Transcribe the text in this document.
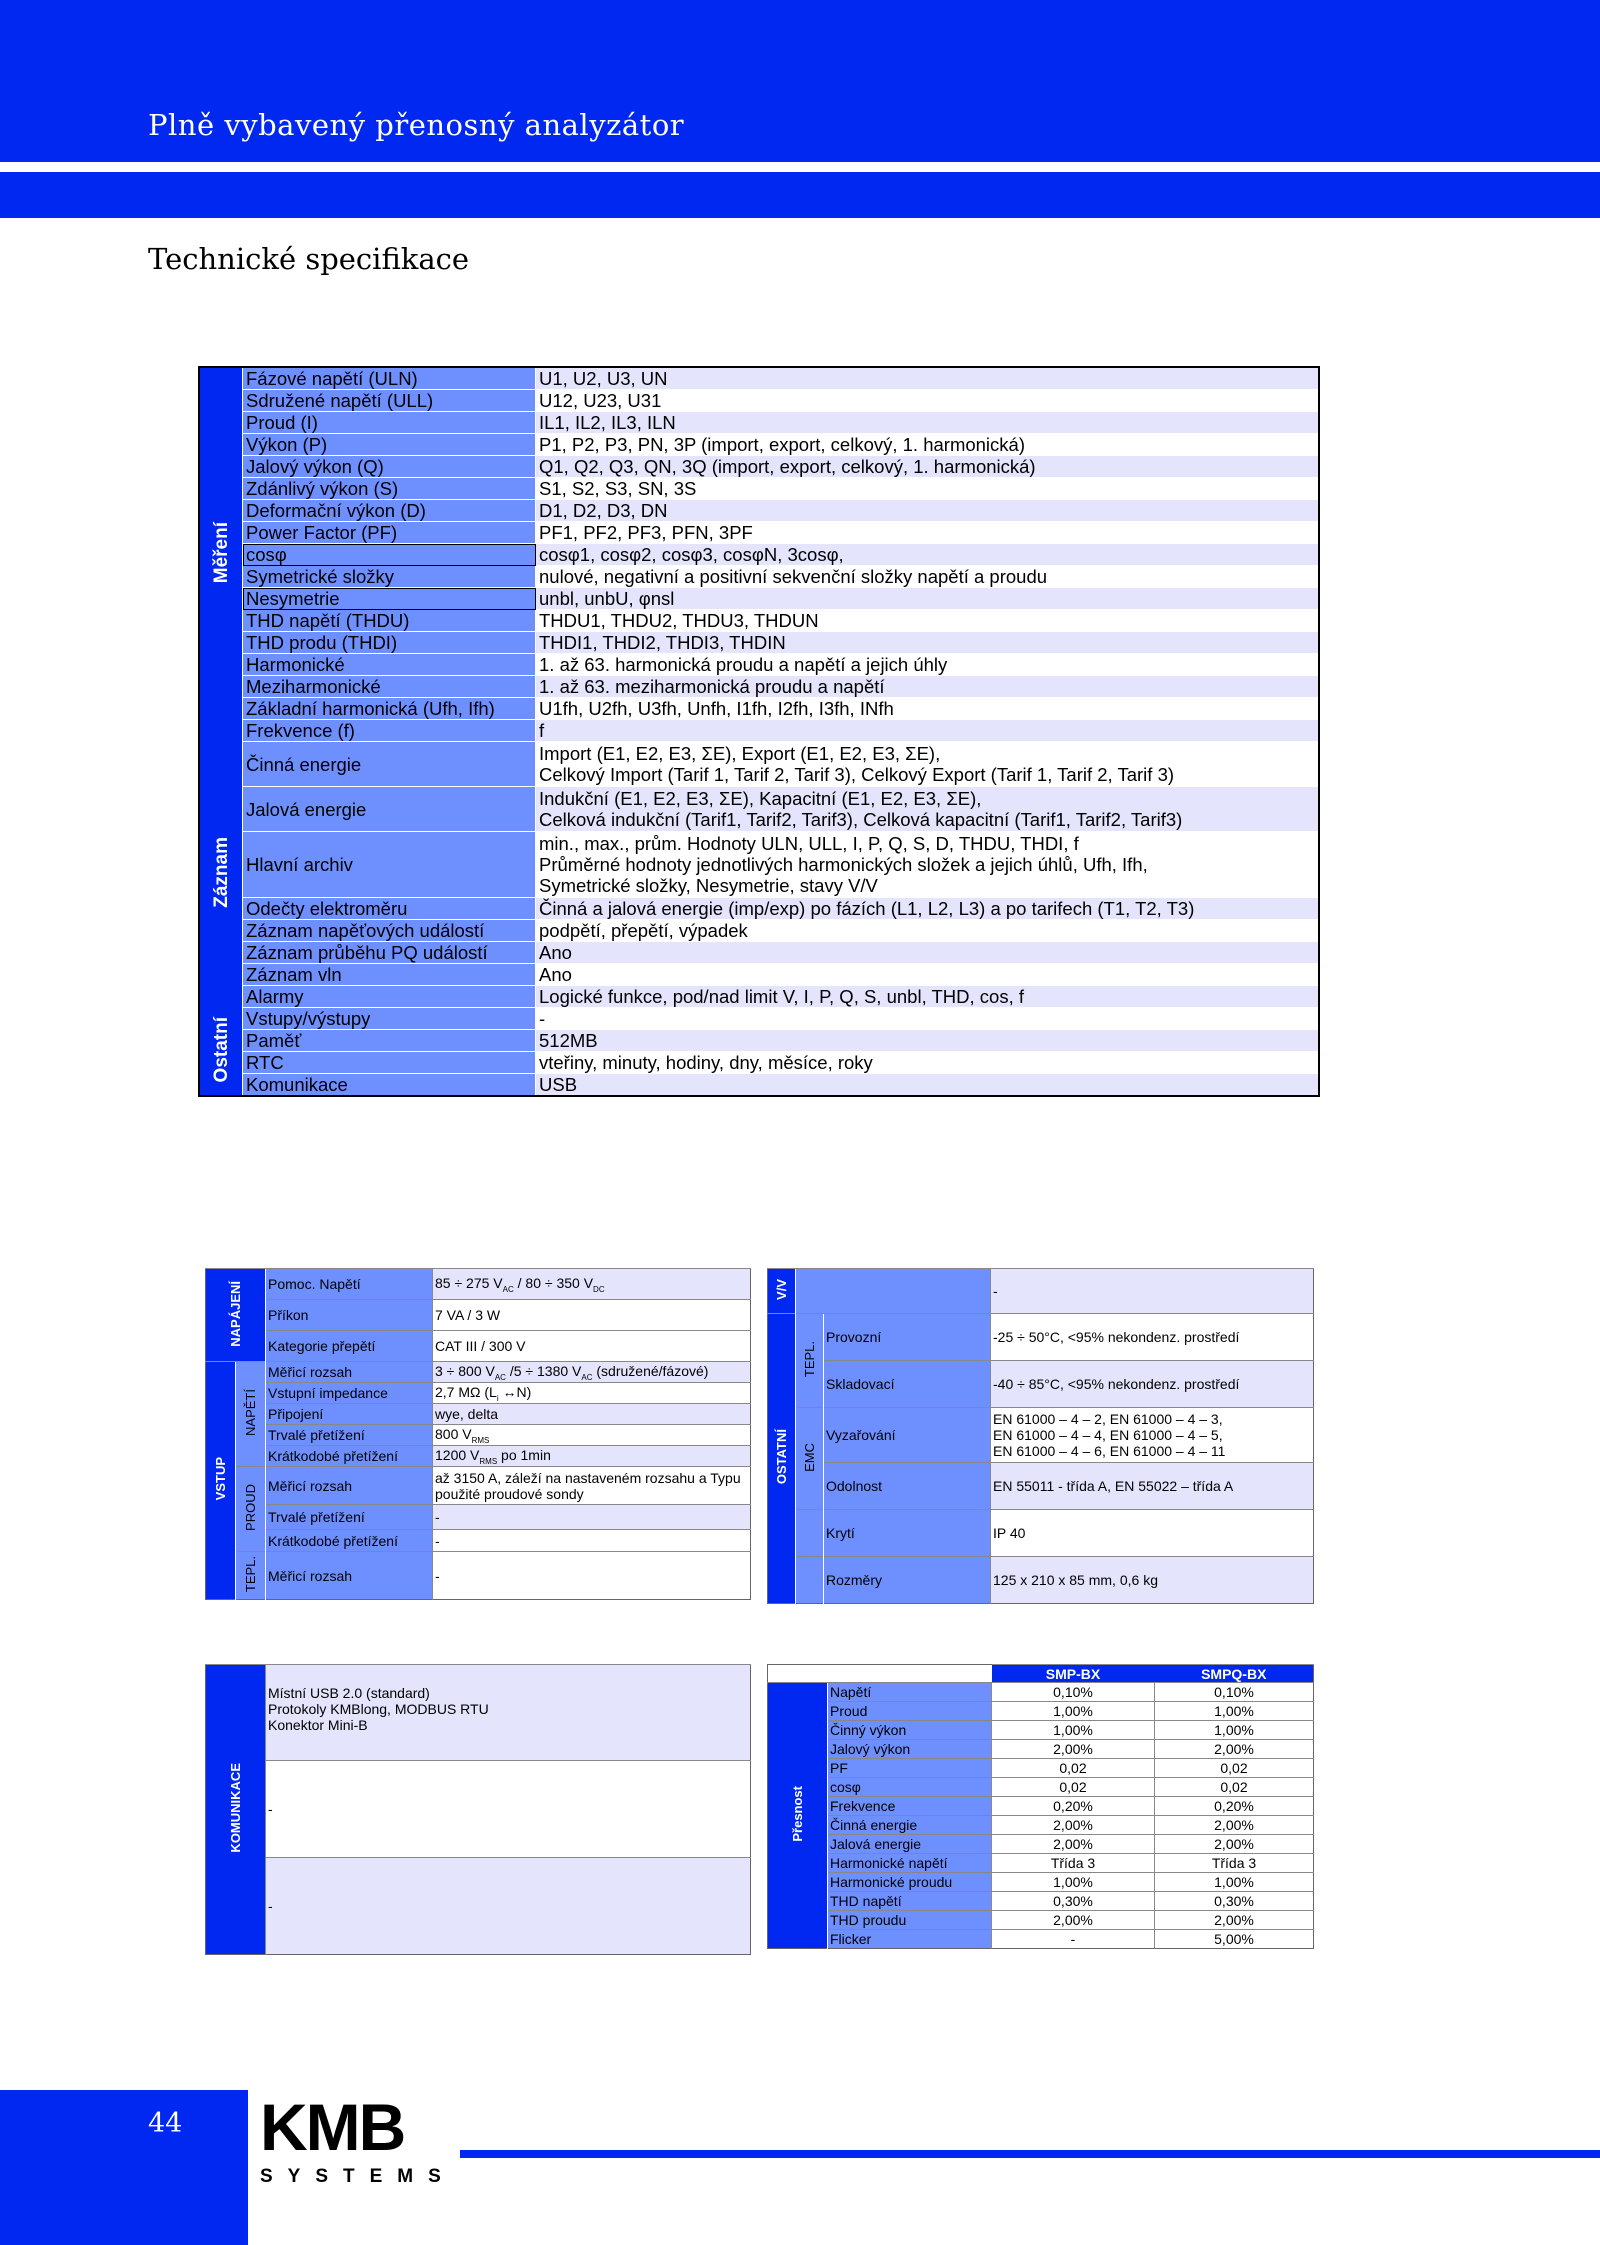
Plně vybavený přenosný analyzátor
Technické specifikace
Měření	Fázové napětí (ULN)	U1, U2, U3, UN
	Sdružené napětí (ULL)	U12, U23, U31
	Proud (I)	IL1, IL2, IL3, ILN
	Výkon (P)	P1, P2, P3, PN, 3P (import, export, celkový, 1. harmonická)
	Jalový výkon (Q)	Q1, Q2, Q3, QN, 3Q (import, export, celkový, 1. harmonická)
	Zdánlivý výkon (S)	S1, S2, S3, SN, 3S
	Deformační výkon (D)	D1, D2, D3, DN
	Power Factor (PF)	PF1, PF2, PF3, PFN, 3PF
	cosφ	cosφ1, cosφ2, cosφ3, cosφN, 3cosφ,
	Symetrické složky	nulové, negativní a positivní sekvenční složky napětí a proudu
	Nesymetrie	unbl, unbU, φnsl
	THD napětí (THDU)	THDU1, THDU2, THDU3, THDUN
	THD produ (THDI)	THDI1, THDI2, THDI3, THDIN
	Harmonické	1. až 63. harmonická proudu a napětí a jejich úhly
	Meziharmonické	1. až 63. meziharmonická proudu a napětí
	Základní harmonická (Ufh, Ifh)	U1fh, U2fh, U3fh, Unfh, I1fh, I2fh, I3fh, INfh
	Frekvence (f)	f
Záznam	Činná energie	Import (E1, E2, E3, ΣE), Export (E1, E2, E3, ΣE),
Celkový Import (Tarif 1, Tarif 2, Tarif 3), Celkový Export (Tarif 1, Tarif 2, Tarif 3)

	Jalová energie	Indukční (E1, E2, E3, ΣE), Kapacitní (E1, E2, E3, ΣE),
Celková indukční (Tarif1, Tarif2, Tarif3), Celková kapacitní (Tarif1, Tarif2, Tarif3)

	Hlavní archiv	min., max., prům. Hodnoty ULN, ULL, I, P, Q, S, D, THDU, THDI, f
Průměrné hodnoty jednotlivých harmonických složek a jejich úhlů, Ufh, Ifh,
Symetrické složky, Nesymetrie, stavy V/V

	Odečty elektroměru	Činná a jalová energie (imp/exp) po fázích (L1, L2, L3) a po tarifech (T1, T2, T3)
	Záznam napěťových událostí	podpětí, přepětí, výpadek
	Záznam průběhu PQ událostí	Ano
	Záznam vln	Ano
	Alarmy	Logické funkce, pod/nad limit V, I, P, Q, S, unbl, THD, cos, f
Ostatní	Vstupy/výstupy	-
	Paměť	512MB
	RTC	vteřiny, minuty, hodiny, dny, měsíce, roky
	Komunikace	USB
NAPÁJENÍ		Pomoc. Napětí	85 ÷ 275 $V_{AC} / 80 \div 350$ $V_{DC}$
		Příkon	7 VA / 3 W
		Kategorie přepětí	CAT III / 300 V
VSTUP	NAPĚTÍ	Měřicí rozsah	3 ÷ 800 $V_{AC}$ /5 ÷ 1380 $V_{AC}$ (sdružené/fázové)
		Vstupní impedance	2,7 MΩ ($L_i$ ↔N)
		Připojení	wye, delta
		Trvalé přetížení	800 $V_{RMS}$
		Krátkodobé přetížení	1200 $V_{RMS}$ po 1min
	PROUD	Měřicí rozsah	až 3150 A, záleží na nastaveném rozsahu a Typu použité proudové sondy
		Trvalé přetížení	-
		Krátkodobé přetížení	-
	TEPL.	Měřicí rozsah	-
V/V			-
OSTATNÍ	TEPL.	Provozní	-25 ÷ 50°C, <95% nekondenz. prostředí
		Skladovací	-40 ÷ 85°C, <95% nekondenz. prostředí
	EMC	Vyzařování	EN 61000 – 4 – 2, EN 61000 – 4 – 3,
EN 61000 – 4 – 4, EN 61000 – 4 – 5,
EN 61000 – 4 – 6, EN 61000 – 4 – 11

		Odolnost	EN 55011 - třída A, EN 55022 – třída A
		Krytí	IP 40
		Rozměry	125 x 210 x 85 mm, 0,6 kg
KOMUNIKACE	
Místní USB 2.0 (standard)
Protokoly KMBlong, MODBUS RTU
Konektor Mini-B

-
-
		SMP-BX	SMPQ-BX
Přesnost	Napětí	0,10%	0,10%
	Proud	1,00%	1,00%
	Činný výkon	1,00%	1,00%
	Jalový výkon	2,00%	2,00%
	PF	0,02	0,02
	cosφ	0,02	0,02
	Frekvence	0,20%	0,20%
	Činná energie	2,00%	2,00%
	Jalová energie	2,00%	2,00%
	Harmonické napětí	Třída 3	Třída 3
	Harmonické proudu	1,00%	1,00%
	THD napětí	0,30%	0,30%
	THD proudu	2,00%	2,00%
	Flicker	-	5,00%
44 KMB
SYSTEMS
